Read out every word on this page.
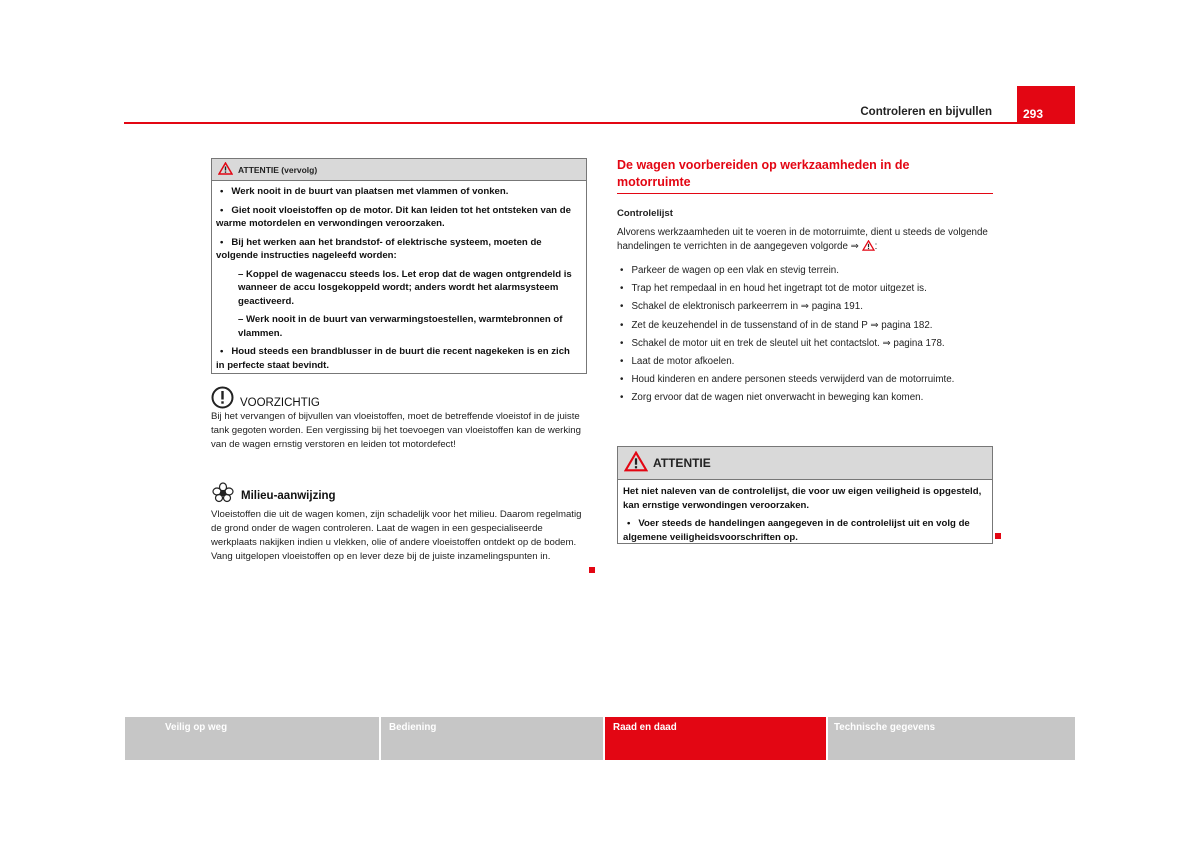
293
Controleren en bijvullen
ATTENTIE (vervolg)

• Werk nooit in de buurt van plaatsen met vlammen of vonken.

• Giet nooit vloeistoffen op de motor. Dit kan leiden tot het ontsteken van de warme motordelen en verwondingen veroorzaken.

• Bij het werken aan het brandstof- of elektrische systeem, moeten de volgende instructies nageleefd worden:

– Koppel de wagenaccu steeds los. Let erop dat de wagen ontgrendeld is wanneer de accu losgekoppeld wordt; anders wordt het alarmsysteem geactiveerd.

– Werk nooit in de buurt van verwarmingstoestellen, warmtebronnen of vlammen.

• Houd steeds een brandblusser in de buurt die recent nagekeken is en zich in perfecte staat bevindt.

VOORZICHTIG
Bij het vervangen of bijvullen van vloeistoffen, moet de betreffende vloeistof in de juiste tank gegoten worden. Een vergissing bij het toevoegen van vloeistoffen kan de werking van de wagen ernstig verstoren en leiden tot motordefect!
Milieu-aanwijzing
Vloeistoffen die uit de wagen komen, zijn schadelijk voor het milieu. Daarom regelmatig de grond onder de wagen controleren. Laat de wagen in een gespecialiseerde werkplaats nakijken indien u vlekken, olie of andere vloeistoffen ontdekt op de bodem. Vang uitgelopen vloeistoffen op en lever deze bij de juiste inzamelingspunten in.
De wagen voorbereiden op werkzaamheden in de motorruimte
Controlelijst
Alvorens werkzaamheden uit te voeren in de motorruimte, dient u steeds de volgende handelingen te verrichten in de aangegeven volgorde ⇒ :
• Parkeer de wagen op een vlak en stevig terrein.
• Trap het rempedaal in en houd het ingetrapt tot de motor uitgezet is.
• Schakel de elektronisch parkeerrem in ⇒ pagina 191.
• Zet de keuzehendel in de tussenstand of in de stand P ⇒ pagina 182.
• Schakel de motor uit en trek de sleutel uit het contactslot. ⇒ pagina 178.
• Laat de motor afkoelen.
• Houd kinderen en andere personen steeds verwijderd van de motorruimte.
• Zorg ervoor dat de wagen niet onverwacht in beweging kan komen.
ATTENTIE

Het niet naleven van de controlelijst, die voor uw eigen veiligheid is opgesteld, kan ernstige verwondingen veroorzaken.

• Voer steeds de handelingen aangegeven in de controlelijst uit en volg de algemene veiligheidsvoorschriften op.

Veilig op weg	Bediening	Raad en daad	Technische gegevens
